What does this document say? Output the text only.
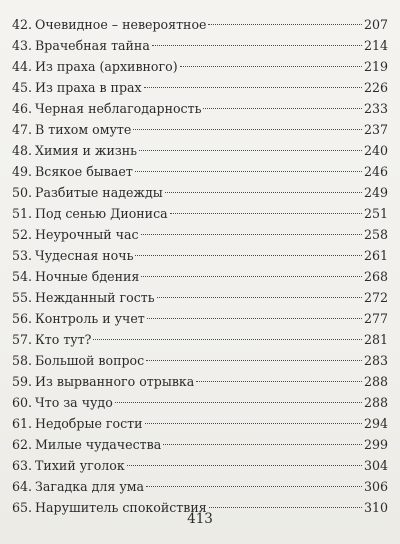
42. Очевидное – невероятное	207
43. Врачебная тайна	214
44. Из праха (архивного)	219
45. Из праха в прах	226
46. Черная неблагодарность	233
47. В тихом омуте	237
48. Химия и жизнь	240
49. Всякое бывает	246
50. Разбитые надежды	249
51. Под сенью Диониса	251
52. Неурочный час	258
53. Чудесная ночь	261
54. Ночные бдения	268
55. Нежданный гость	272
56. Контроль и учет	277
57. Кто тут?	281
58. Большой вопрос	283
59. Из вырванного отрывка	288
60. Что за чудо	288
61. Недобрые гости	294
62. Милые чудачества	299
63. Тихий уголок	304
64. Загадка для ума	306
65. Нарушитель спокойствия	310
413
